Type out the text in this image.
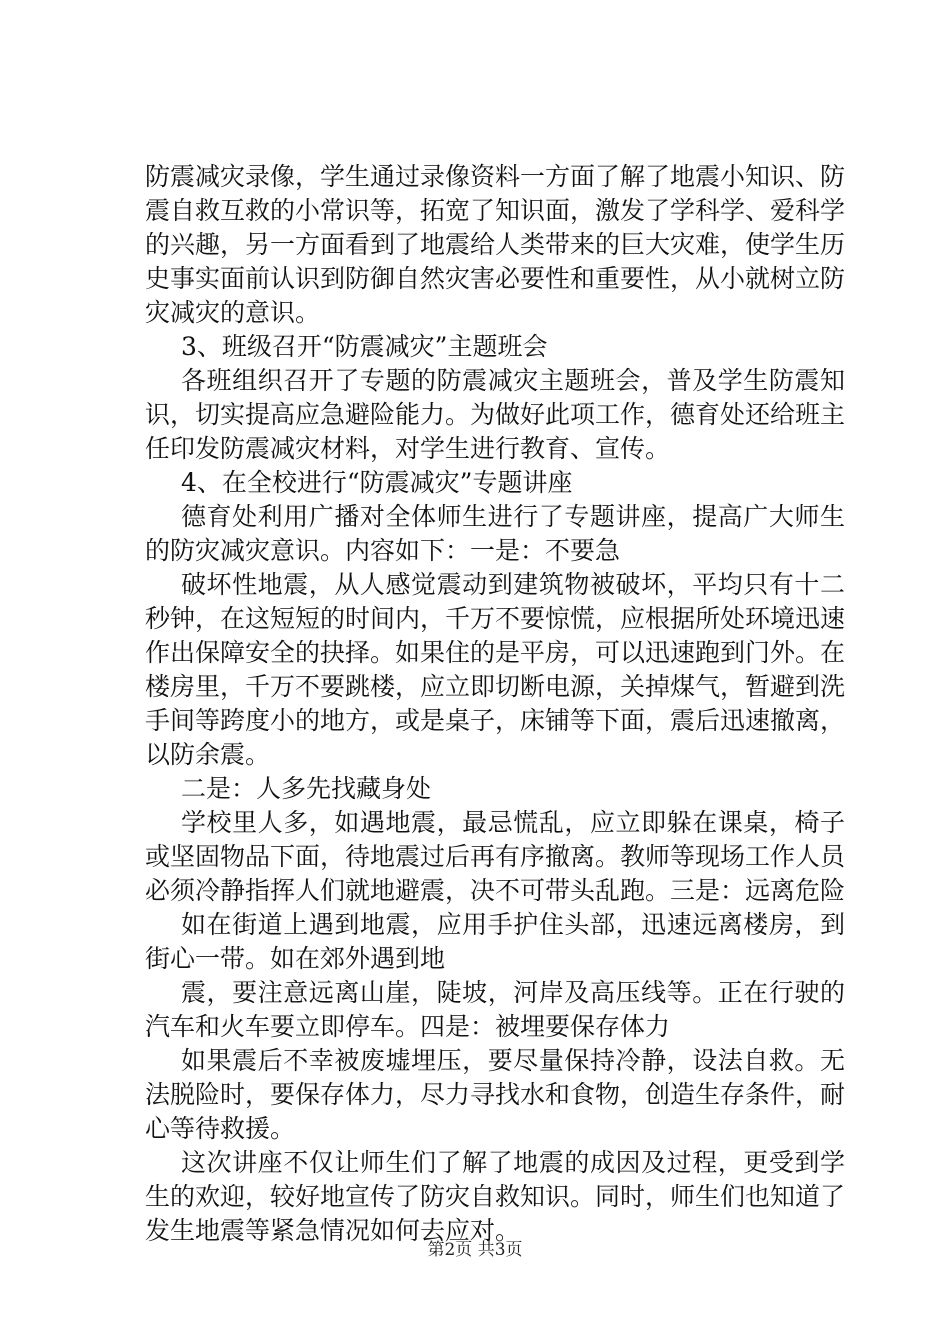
防震减灾录像，学生通过录像资料一方面了解了地震小知识、防震自救互救的小常识等，拓宽了知识面，激发了学科学、爱科学的兴趣，另一方面看到了地震给人类带来的巨大灾难，使学生历史事实面前认识到防御自然灾害必要性和重要性，从小就树立防灾减灾的意识。

3、班级召开“防震减灾”主题班会

各班组织召开了专题的防震减灾主题班会，普及学生防震知识，切实提高应急避险能力。为做好此项工作，德育处还给班主任印发防震减灾材料，对学生进行教育、宣传。

4、在全校进行“防震减灾”专题讲座

德育处利用广播对全体师生进行了专题讲座，提高广大师生的防灾减灾意识。内容如下：一是：不要急

破坏性地震，从人感觉震动到建筑物被破坏，平均只有十二秒钟，在这短短的时间内，千万不要惊慌，应根据所处环境迅速作出保障安全的抉择。如果住的是平房，可以迅速跑到门外。在楼房里，千万不要跳楼，应立即切断电源，关掉煤气，暂避到洗手间等跨度小的地方，或是桌子，床铺等下面，震后迅速撤离，以防余震。

二是：人多先找藏身处

学校里人多，如遇地震，最忌慌乱，应立即躲在课桌，椅子或坚固物品下面，待地震过后再有序撤离。教师等现场工作人员必须冷静指挥人们就地避震，决不可带头乱跑。三是：远离危险

如在街道上遇到地震，应用手护住头部，迅速远离楼房，到街心一带。如在郊外遇到地

震，要注意远离山崖，陡坡，河岸及高压线等。正在行驶的汽车和火车要立即停车。四是：被埋要保存体力

如果震后不幸被废墟埋压，要尽量保持冷静，设法自救。无法脱险时，要保存体力，尽力寻找水和食物，创造生存条件，耐心等待救援。

这次讲座不仅让师生们了解了地震的成因及过程，更受到学生的欢迎，较好地宣传了防灾自救知识。同时，师生们也知道了发生地震等紧急情况如何去应对。

第2页 共3页
